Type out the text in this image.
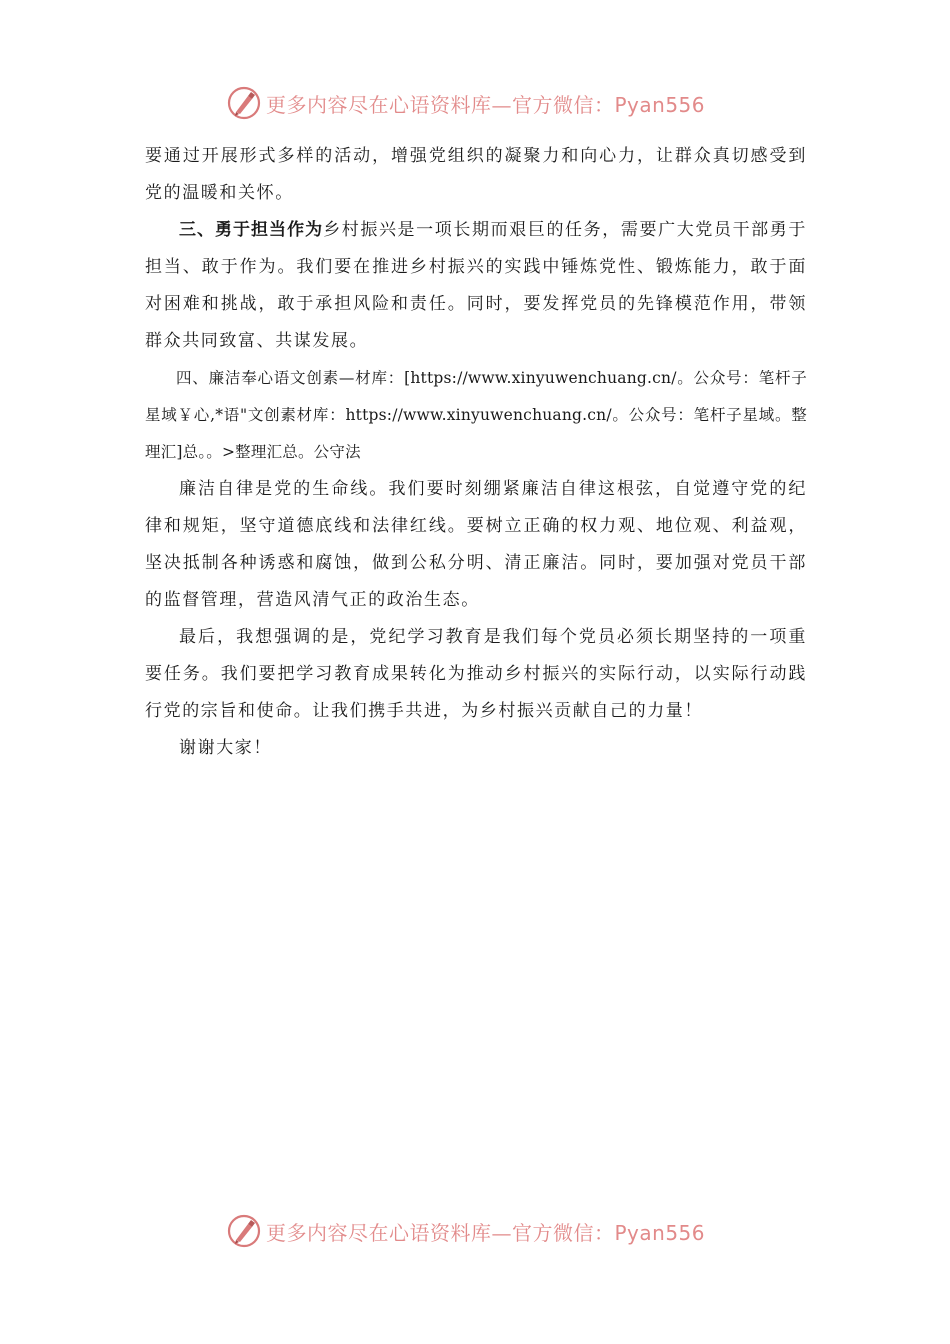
更多内容尽在心语资料库—官方微信：Pyan556

要通过开展形式多样的活动，增强党组织的凝聚力和向心力，让群众真切感受到党的温暖和关怀。

三、勇于担当作为乡村振兴是一项长期而艰巨的任务，需要广大党员干部勇于担当、敢于作为。我们要在推进乡村振兴的实践中锤炼党性、锻炼能力，敢于面对困难和挑战，敢于承担风险和责任。同时，要发挥党员的先锋模范作用，带领群众共同致富、共谋发展。

四、廉洁奉心语文创素—材库：[https://www.xinyuwenchuang.cn/。公众号：笔杆子星域￥心,*语"文创素材库：https://www.xinyuwenchuang.cn/。公众号：笔杆子星域。整理汇]总。。>整理汇总。公守法

廉洁自律是党的生命线。我们要时刻绷紧廉洁自律这根弦，自觉遵守党的纪律和规矩，坚守道德底线和法律红线。要树立正确的权力观、地位观、利益观，坚决抵制各种诱惑和腐蚀，做到公私分明、清正廉洁。同时，要加强对党员干部的监督管理，营造风清气正的政治生态。

最后，我想强调的是，党纪学习教育是我们每个党员必须长期坚持的一项重要任务。我们要把学习教育成果转化为推动乡村振兴的实际行动，以实际行动践行党的宗旨和使命。让我们携手共进，为乡村振兴贡献自己的力量！

谢谢大家！

更多内容尽在心语资料库—官方微信：Pyan556
